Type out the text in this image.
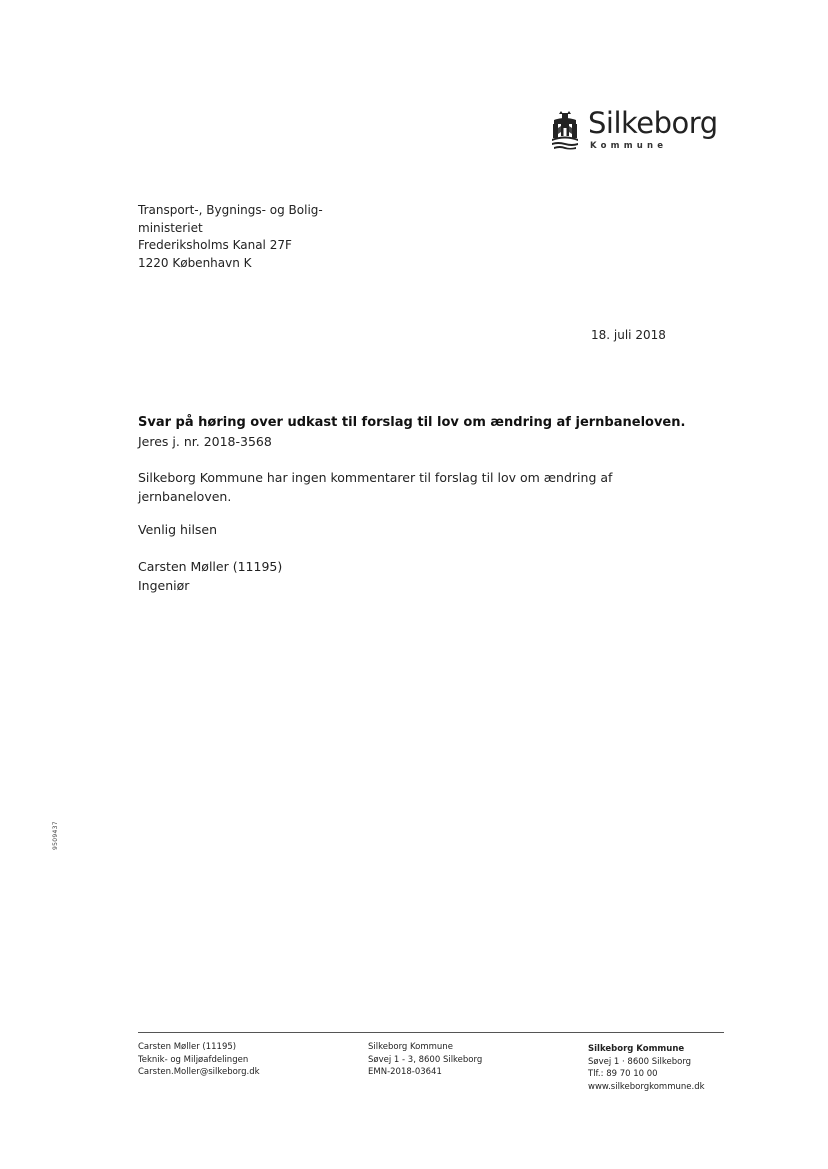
Silkeborg
Kommune
Transport-, Bygnings- og Bolig-
ministeriet
Frederiksholms Kanal 27F
1220 København K
18. juli 2018
Svar på høring over udkast til forslag til lov om ændring af jernbaneloven.
Jeres j. nr. 2018-3568
Silkeborg Kommune har ingen kommentarer til forslag til lov om ændring af jernbaneloven.
Venlig hilsen
Carsten Møller (11195)
Ingeniør
9509437
Carsten Møller (11195)
Teknik- og Miljøafdelingen
Carsten.Moller@silkeborg.dk
Silkeborg Kommune
Søvej 1 - 3, 8600 Silkeborg
EMN-2018-03641
Silkeborg Kommune
Søvej 1 · 8600 Silkeborg
Tlf.: 89 70 10 00
www.silkeborgkommune.dk
